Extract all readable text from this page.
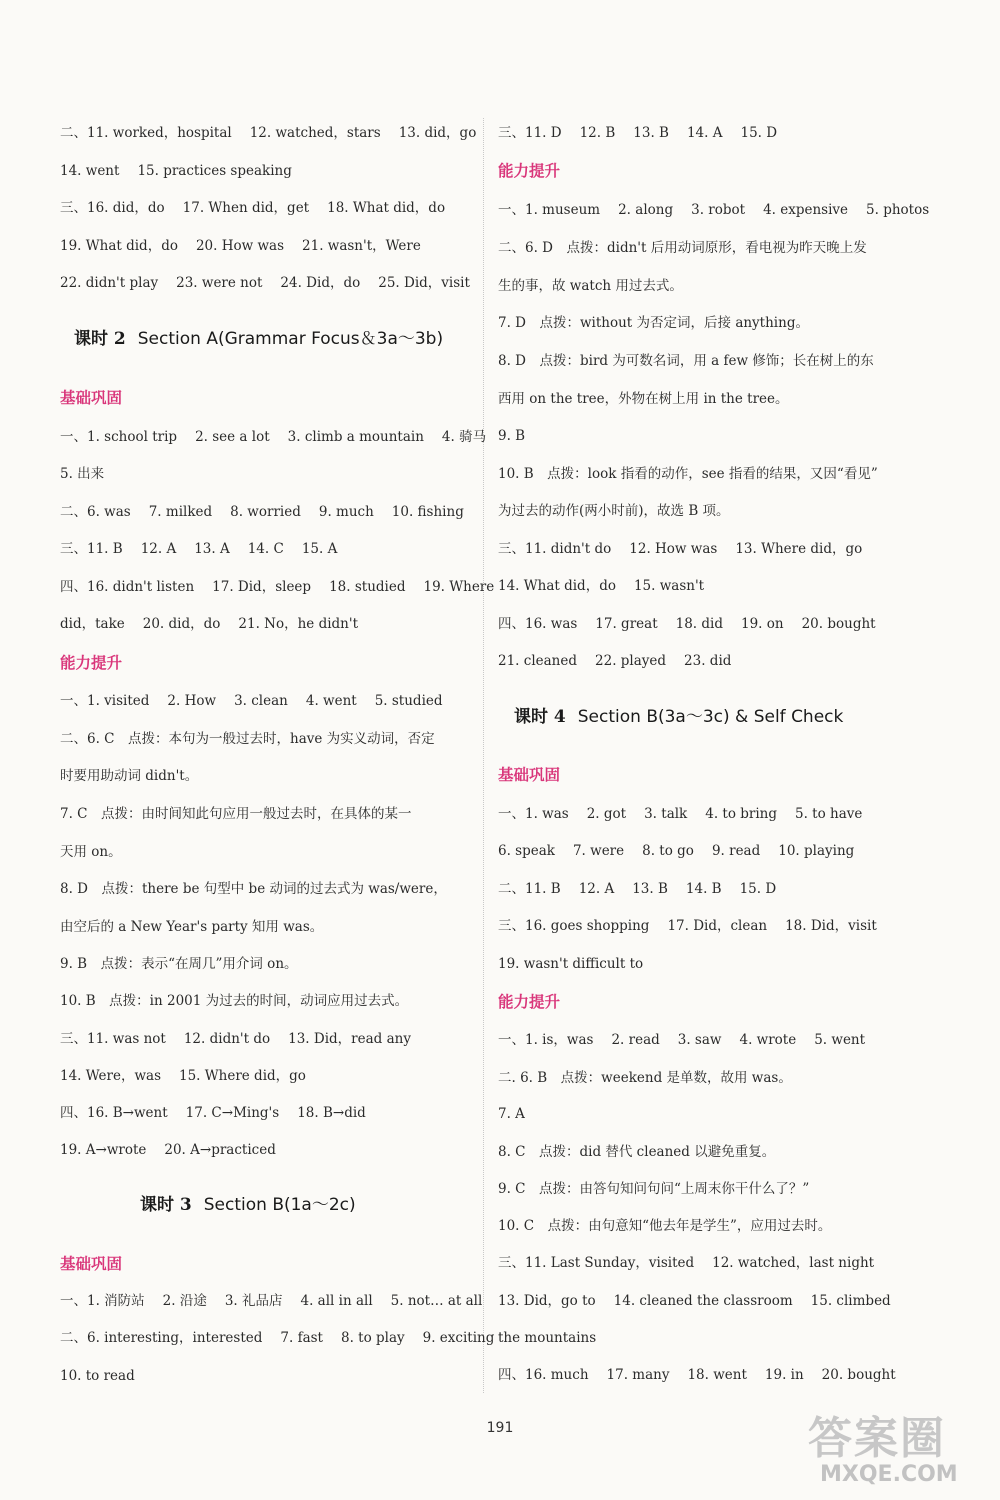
二、11. worked，hospital 12. watched，stars 13. did，go
14. went 15. practices speaking
三、16. did，do 17. When did，get 18. What did，do
19. What did，do 20. How was 21. wasn't，Were
22. didn't play 23. were not 24. Did，do 25. Did，visit
课时 2 Section A(Grammar Focus＆3a～3b)
基础巩固
一、1. school trip 2. see a lot 3. climb a mountain 4. 骑马
5. 出来
二、6. was 7. milked 8. worried 9. much 10. fishing
三、11. B 12. A 13. A 14. C 15. A
四、16. didn't listen 17. Did，sleep 18. studied 19. Where
did，take 20. did，do 21. No，he didn't
能力提升
一、1. visited 2. How 3. clean 4. went 5. studied
二、6. C　点拨：本句为一般过去时，have 为实义动词，否定
时要用助动词 didn't。
7. C　点拨：由时间知此句应用一般过去时，在具体的某一
天用 on。
8. D　点拨：there be 句型中 be 动词的过去式为 was/were，
由空后的 a New Year's party 知用 was。
9. B　点拨：表示“在周几”用介词 on。
10. B　点拨：in 2001 为过去的时间，动词应用过去式。
三、11. was not 12. didn't do 13. Did，read any
14. Were，was 15. Where did，go
四、16. B→went 17. C→Ming's 18. B→did
19. A→wrote 20. A→practiced
课时 3 Section B(1a～2c)
基础巩固
一、1. 消防站 2. 沿途 3. 礼品店 4. all in all 5. not… at all
二、6. interesting，interested 7. fast 8. to play 9. exciting
10. to read
三、11. D 12. B 13. B 14. A 15. D
能力提升
一、1. museum 2. along 3. robot 4. expensive 5. photos
二、6. D　点拨：didn't 后用动词原形，看电视为昨天晚上发
生的事，故 watch 用过去式。
7. D　点拨：without 为否定词，后接 anything。
8. D　点拨：bird 为可数名词，用 a few 修饰；长在树上的东
西用 on the tree，外物在树上用 in the tree。
9. B
10. B　点拨：look 指看的动作，see 指看的结果，又因“看见”
为过去的动作(两小时前)，故选 B 项。
三、11. didn't do 12. How was 13. Where did，go
14. What did，do 15. wasn't
四、16. was 17. great 18. did 19. on 20. bought
21. cleaned 22. played 23. did
课时 4 Section B(3a～3c) & Self Check
基础巩固
一、1. was 2. got 3. talk 4. to bring 5. to have
6. speak 7. were 8. to go 9. read 10. playing
二、11. B 12. A 13. B 14. B 15. D
三、16. goes shopping 17. Did，clean 18. Did，visit
19. wasn't difficult to
能力提升
一、1. is，was 2. read 3. saw 4. wrote 5. went
二. 6. B　点拨：weekend 是单数，故用 was。
7. A
8. C　点拨：did 替代 cleaned 以避免重复。
9. C　点拨：由答句知问句问“上周末你干什么了？”
10. C　点拨：由句意知“他去年是学生”，应用过去时。
三、11. Last Sunday，visited 12. watched，last night
13. Did，go to 14. cleaned the classroom 15. climbed
the mountains
四、16. much 17. many 18. went 19. in 20. bought
191	答案圈
MXQE.COM
